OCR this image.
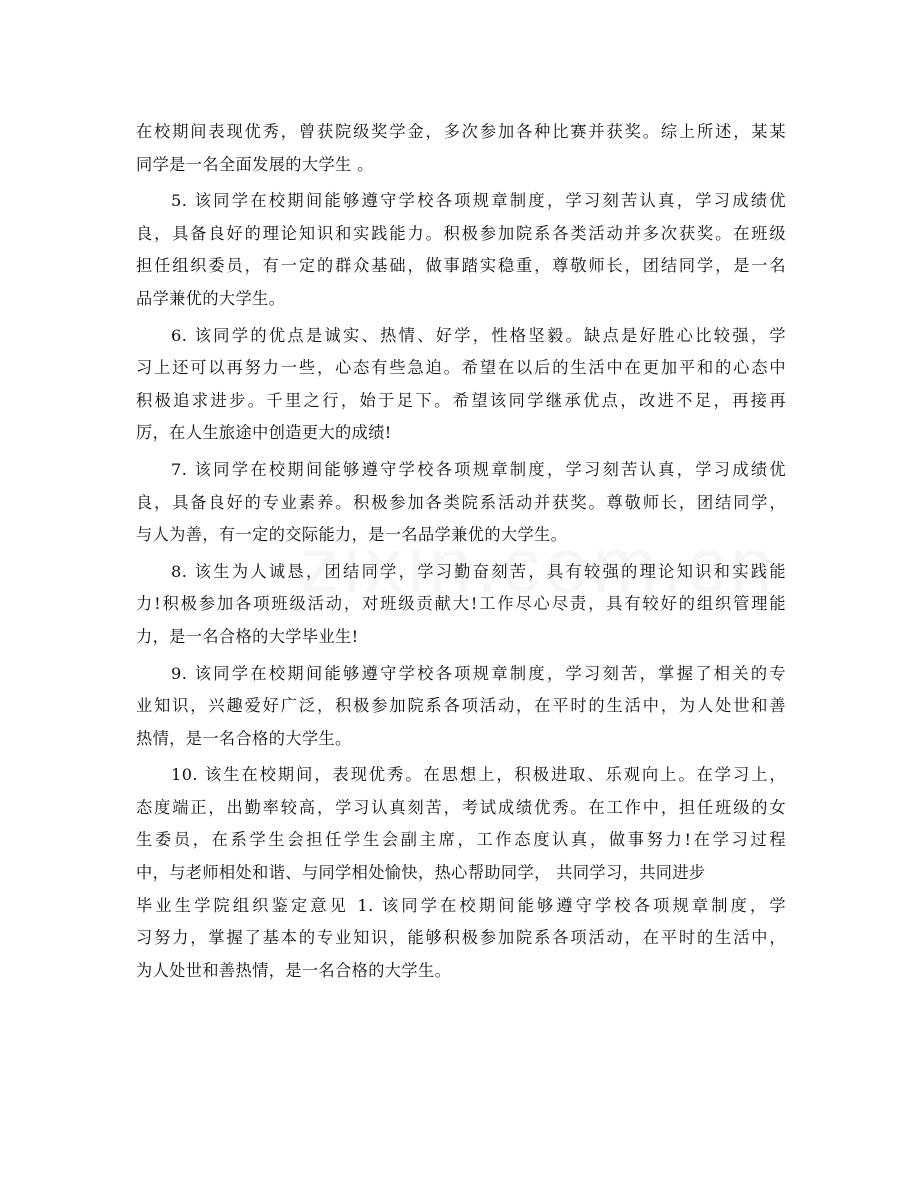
在校期间表现优秀，曾获院级奖学金，多次参加各种比赛并获奖。综上所述，某某
同学是一名全面发展的大学生 。
5. 该同学在校期间能够遵守学校各项规章制度，学习刻苦认真，学习成绩优
良，具备良好的理论知识和实践能力。积极参加院系各类活动并多次获奖。在班级
担任组织委员，有一定的群众基础，做事踏实稳重，尊敬师长，团结同学，是一名
品学兼优的大学生。
6. 该同学的优点是诚实、热情、好学，性格坚毅。缺点是好胜心比较强，学
习上还可以再努力一些，心态有些急迫。希望在以后的生活中在更加平和的心态中
积极追求进步。千里之行，始于足下。希望该同学继承优点，改进不足，再接再
厉，在人生旅途中创造更大的成绩!
7. 该同学在校期间能够遵守学校各项规章制度，学习刻苦认真，学习成绩优
良，具备良好的专业素养。积极参加各类院系活动并获奖。尊敬师长，团结同学，
与人为善，有一定的交际能力，是一名品学兼优的大学生。
8. 该生为人诚恳，团结同学，学习勤奋刻苦，具有较强的理论知识和实践能
力!积极参加各项班级活动，对班级贡献大!工作尽心尽责，具有较好的组织管理能
力，是一名合格的大学毕业生!
9. 该同学在校期间能够遵守学校各项规章制度，学习刻苦，掌握了相关的专
业知识，兴趣爱好广泛，积极参加院系各项活动，在平时的生活中，为人处世和善
热情，是一名合格的大学生。
10. 该生在校期间，表现优秀。在思想上，积极进取、乐观向上。在学习上，
态度端正，出勤率较高，学习认真刻苦，考试成绩优秀。在工作中，担任班级的女
生委员，在系学生会担任学生会副主席，工作态度认真，做事努力!在学习过程
中，与老师相处和谐、与同学相处愉快，热心帮助同学， 共同学习，共同进步
毕业生学院组织鉴定意见 1. 该同学在校期间能够遵守学校各项规章制度，学
习努力，掌握了基本的专业知识，能够积极参加院系各项活动，在平时的生活中，
为人处世和善热情，是一名合格的大学生。
